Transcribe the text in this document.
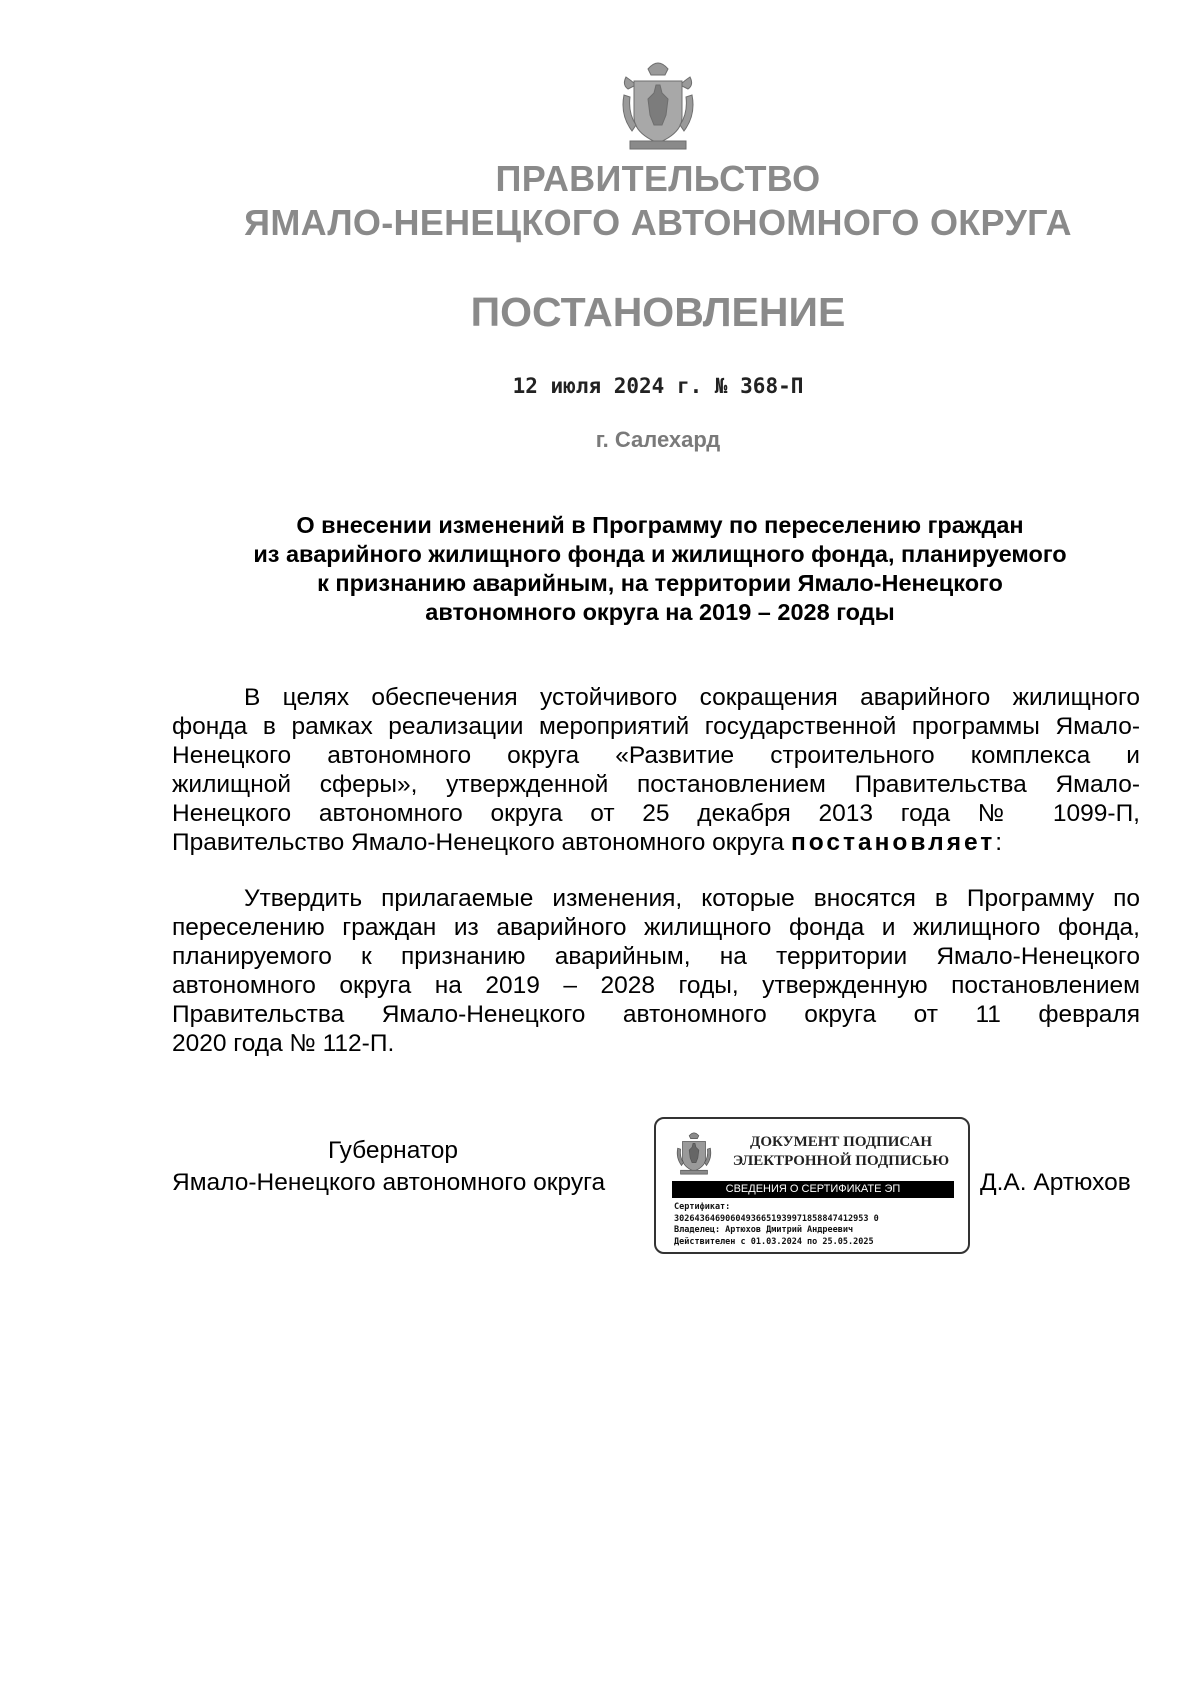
ПРАВИТЕЛЬСТВО
ЯМАЛО-НЕНЕЦКОГО АВТОНОМНОГО ОКРУГА
ПОСТАНОВЛЕНИЕ
12 июля 2024 г. № 368-П
г. Салехард
О внесении изменений в Программу по переселению граждан
из аварийного жилищного фонда и жилищного фонда, планируемого
к признанию аварийным, на территории Ямало-Ненецкого
автономного округа на 2019 – 2028 годы
В целях обеспечения устойчивого сокращения аварийного жилищного
фонда в рамках реализации мероприятий государственной программы Ямало-
Ненецкого автономного округа «Развитие строительного комплекса и
жилищной сферы», утвержденной постановлением Правительства Ямало-
Ненецкого автономного округа от 25 декабря 2013 года № 1099-П,
Правительство Ямало-Ненецкого автономного округа постановляет:
Утвердить прилагаемые изменения, которые вносятся в Программу по
переселению граждан из аварийного жилищного фонда и жилищного фонда,
планируемого к признанию аварийным, на территории Ямало-Ненецкого
автономного округа на 2019 – 2028 годы, утвержденную постановлением
Правительства Ямало-Ненецкого автономного округа от 11 февраля
2020 года № 112-П.
Губернатор
Ямало-Ненецкого автономного округа	Д.А. Артюхов
ДОКУМЕНТ ПОДПИСАН
ЭЛЕКТРОННОЙ ПОДПИСЬЮ
СВЕДЕНИЯ О СЕРТИФИКАТЕ ЭП
Сертификат:
30264364690604936651939971858847412953 0
Владелец: Артюхов Дмитрий Андреевич
Действителен с 01.03.2024 по 25.05.2025
